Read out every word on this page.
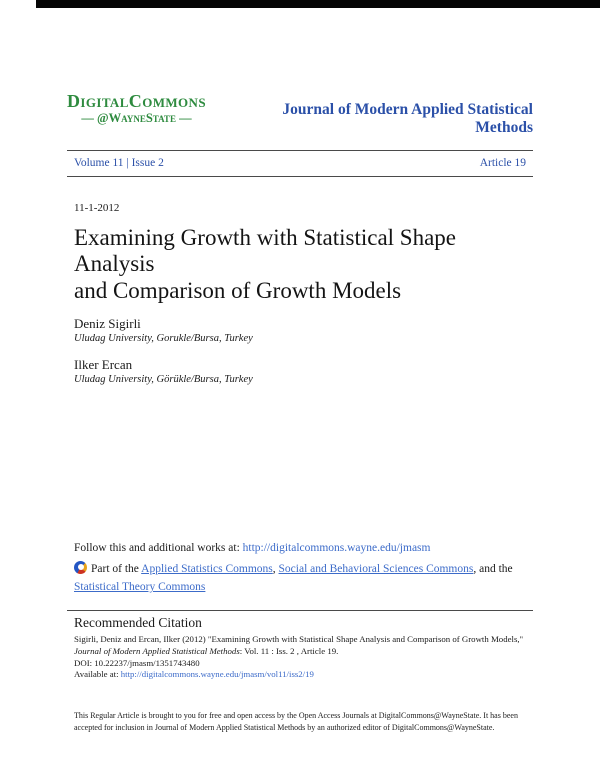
DigitalCommons
— @WayneState —	Journal of Modern Applied Statistical Methods
Volume 11 | Issue 2	Article 19
11-1-2012
Examining Growth with Statistical Shape Analysis
and Comparison of Growth Models
Deniz Sigirli
Uludag University, Gorukle/Bursa, Turkey
Ilker Ercan
Uludag University, Görükle/Bursa, Turkey
Follow this and additional works at: http://digitalcommons.wayne.edu/jmasm
Part of the Applied Statistics Commons, Social and Behavioral Sciences Commons, and the Statistical Theory Commons
Recommended Citation
Sigirli, Deniz and Ercan, Ilker (2012) "Examining Growth with Statistical Shape Analysis and Comparison of Growth Models," Journal of Modern Applied Statistical Methods: Vol. 11 : Iss. 2 , Article 19.
DOI: 10.22237/jmasm/1351743480
Available at: http://digitalcommons.wayne.edu/jmasm/vol11/iss2/19
This Regular Article is brought to you for free and open access by the Open Access Journals at DigitalCommons@WayneState. It has been accepted for inclusion in Journal of Modern Applied Statistical Methods by an authorized editor of DigitalCommons@WayneState.
